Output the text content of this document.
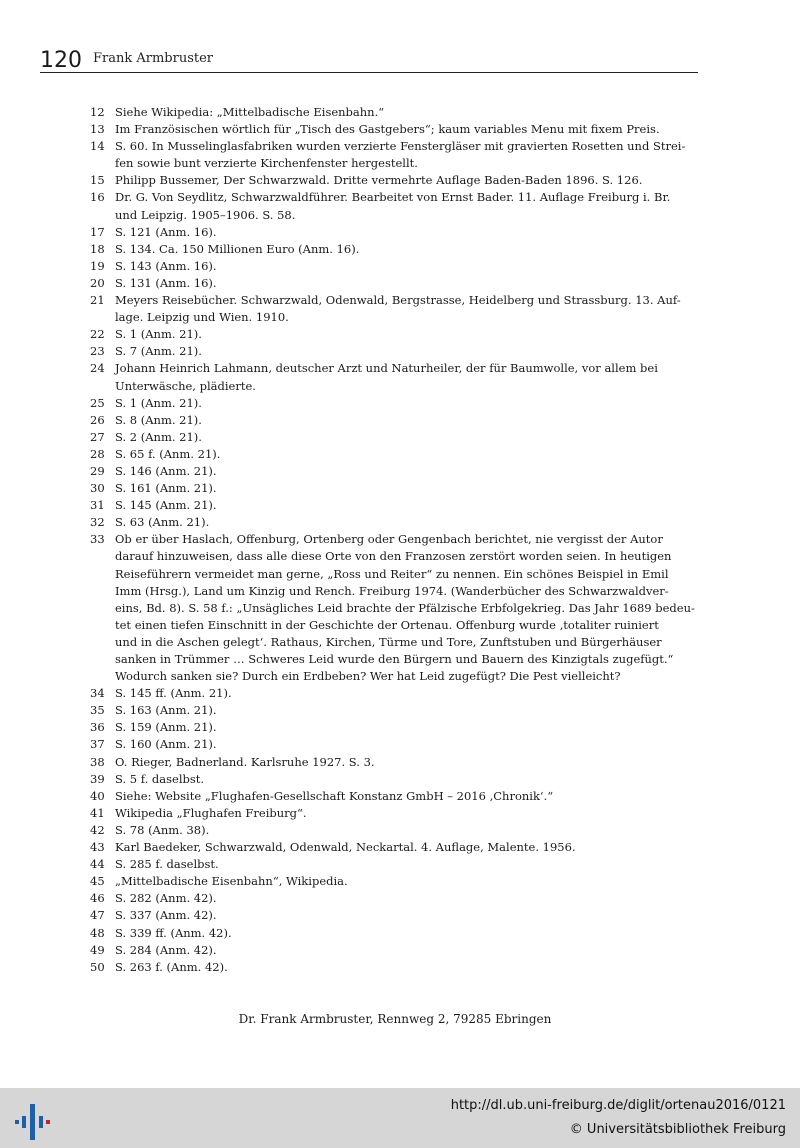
120 Frank Armbruster
12 Siehe Wikipedia: „Mittelbadische Eisenbahn.“
13 Im Französischen wörtlich für „Tisch des Gastgebers“; kaum variables Menu mit fixem Preis.
14 S. 60. In Musselinglasfabriken wurden verzierte Fenstergläser mit gravierten Rosetten und Strei-
fen sowie bunt verzierte Kirchenfenster hergestellt.
15 Philipp Bussemer, Der Schwarzwald. Dritte vermehrte Auflage Baden-Baden 1896. S. 126.
16 Dr. G. Von Seydlitz, Schwarzwaldführer. Bearbeitet von Ernst Bader. 11. Auflage Freiburg i. Br.
und Leipzig. 1905–1906. S. 58.
17 S. 121 (Anm. 16).
18 S. 134. Ca. 150 Millionen Euro (Anm. 16).
19 S. 143 (Anm. 16).
20 S. 131 (Anm. 16).
21 Meyers Reisebücher. Schwarzwald, Odenwald, Bergstrasse, Heidelberg und Strassburg. 13. Auf-
lage. Leipzig und Wien. 1910.
22 S. 1 (Anm. 21).
23 S. 7 (Anm. 21).
24 Johann Heinrich Lahmann, deutscher Arzt und Naturheiler, der für Baumwolle, vor allem bei
Unterwäsche, plädierte.
25 S. 1 (Anm. 21).
26 S. 8 (Anm. 21).
27 S. 2 (Anm. 21).
28 S. 65 f. (Anm. 21).
29 S. 146 (Anm. 21).
30 S. 161 (Anm. 21).
31 S. 145 (Anm. 21).
32 S. 63 (Anm. 21).
33 Ob er über Haslach, Offenburg, Ortenberg oder Gengenbach berichtet, nie vergisst der Autor
darauf hinzuweisen, dass alle diese Orte von den Franzosen zerstört worden seien. In heutigen
Reiseführern vermeidet man gerne, „Ross und Reiter“ zu nennen. Ein schönes Beispiel in Emil
Imm (Hrsg.), Land um Kinzig und Rench. Freiburg 1974. (Wanderbücher des Schwarzwaldver-
eins, Bd. 8). S. 58 f.: „Unsägliches Leid brachte der Pfälzische Erbfolgekrieg. Das Jahr 1689 bedeu-
tet einen tiefen Einschnitt in der Geschichte der Ortenau. Offenburg wurde ‚totaliter ruiniert
und in die Aschen gelegt‘. Rathaus, Kirchen, Türme und Tore, Zunftstuben und Bürgerhäuser
sanken in Trümmer … Schweres Leid wurde den Bürgern und Bauern des Kinzigtals zugefügt.“
Wodurch sanken sie? Durch ein Erdbeben? Wer hat Leid zugefügt? Die Pest vielleicht?
34 S. 145 ff. (Anm. 21).
35 S. 163 (Anm. 21).
36 S. 159 (Anm. 21).
37 S. 160 (Anm. 21).
38 O. Rieger, Badnerland. Karlsruhe 1927. S. 3.
39 S. 5 f. daselbst.
40 Siehe: Website „Flughafen-Gesellschaft Konstanz GmbH – 2016 ‚Chronik‘.“
41 Wikipedia „Flughafen Freiburg“.
42 S. 78 (Anm. 38).
43 Karl Baedeker, Schwarzwald, Odenwald, Neckartal. 4. Auflage, Malente. 1956.
44 S. 285 f. daselbst.
45 „Mittelbadische Eisenbahn“, Wikipedia.
46 S. 282 (Anm. 42).
47 S. 337 (Anm. 42).
48 S. 339 ff. (Anm. 42).
49 S. 284 (Anm. 42).
50 S. 263 f. (Anm. 42).
Dr. Frank Armbruster, Rennweg 2, 79285 Ebringen
http://dl.ub.uni-freiburg.de/diglit/ortenau2016/0121
© Universitätsbibliothek Freiburg
